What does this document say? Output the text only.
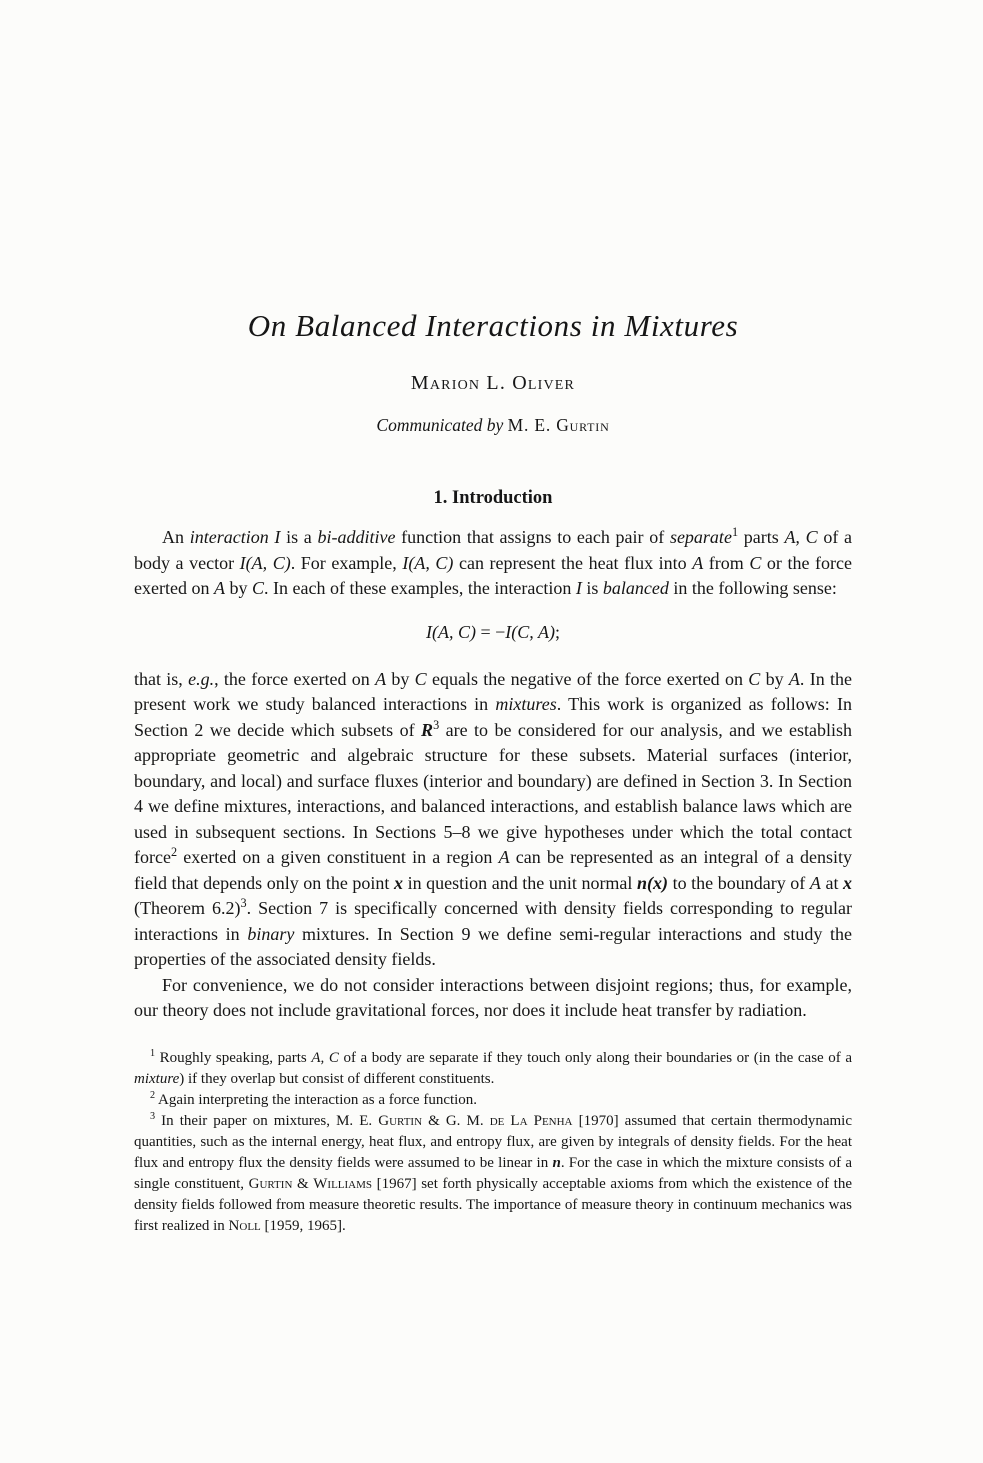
On Balanced Interactions in Mixtures
Marion L. Oliver
Communicated by M. E. Gurtin
1. Introduction

An interaction I is a bi-additive function that assigns to each pair of separate$^1$ parts A, C of a body a vector I(A, C). For example, I(A, C) can represent the heat flux into A from C or the force exerted on A by C. In each of these examples, the interaction I is balanced in the following sense:

I(A, C) = −I(C, A);

that is, e.g., the force exerted on A by C equals the negative of the force exerted on C by A. In the present work we study balanced interactions in mixtures. This work is organized as follows: In Section 2 we decide which subsets of $R^3$ are to be considered for our analysis, and we establish appropriate geometric and algebraic structure for these subsets. Material surfaces (interior, boundary, and local) and surface fluxes (interior and boundary) are defined in Section 3. In Section 4 we define mixtures, interactions, and balanced interactions, and establish balance laws which are used in subsequent sections. In Sections 5–8 we give hypotheses under which the total contact force$^2$ exerted on a given constituent in a region A can be represented as an integral of a density field that depends only on the point x in question and the unit normal n(x) to the boundary of A at x (Theorem 6.2)$^3$. Section 7 is specifically concerned with density fields corresponding to regular interactions in binary mixtures. In Section 9 we define semi-regular interactions and study the properties of the associated density fields.

For convenience, we do not consider interactions between disjoint regions; thus, for example, our theory does not include gravitational forces, nor does it include heat transfer by radiation.

$^1$ Roughly speaking, parts A, C of a body are separate if they touch only along their boundaries or (in the case of a mixture) if they overlap but consist of different constituents.

$^2$ Again interpreting the interaction as a force function.

$^3$ In their paper on mixtures, M. E. Gurtin & G. M. de La Penha [1970] assumed that certain thermodynamic quantities, such as the internal energy, heat flux, and entropy flux, are given by integrals of density fields. For the heat flux and entropy flux the density fields were assumed to be linear in n. For the case in which the mixture consists of a single constituent, Gurtin & Williams [1967] set forth physically acceptable axioms from which the existence of the density fields followed from measure theoretic results. The importance of measure theory in continuum mechanics was first realized in Noll [1959, 1965].
